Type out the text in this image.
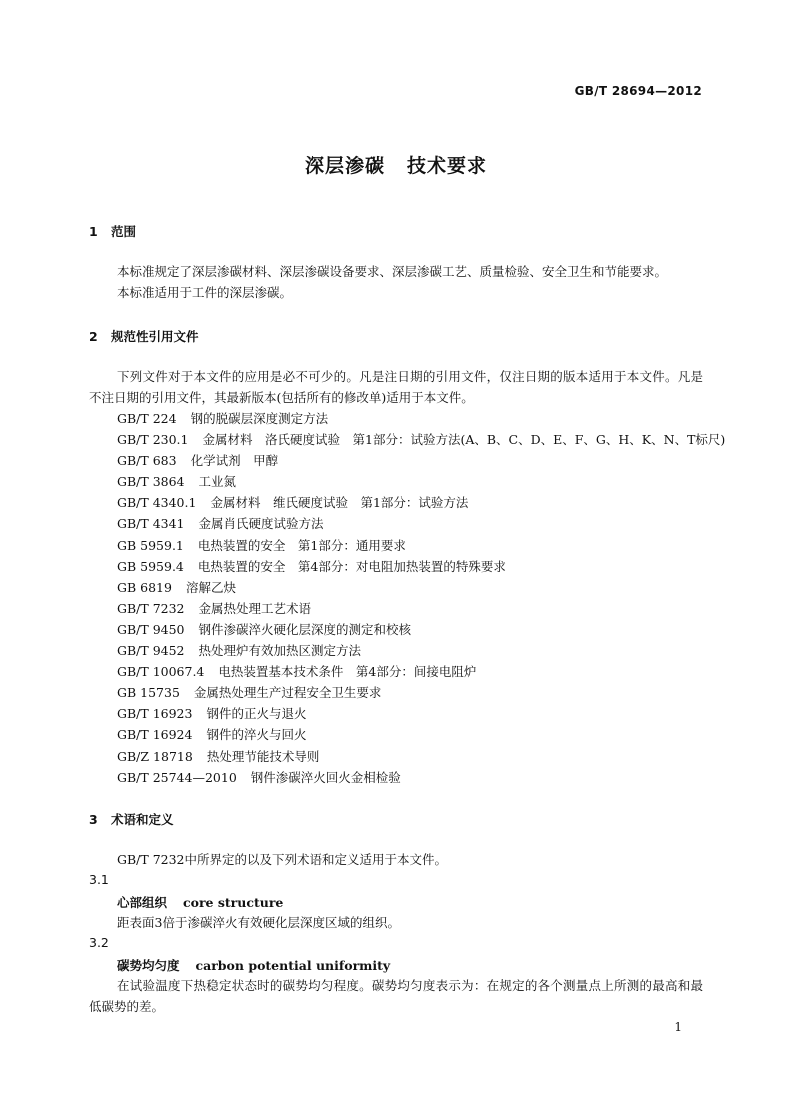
GB/T 28694—2012
深层渗碳 技术要求
1 范围
本标准规定了深层渗碳材料、深层渗碳设备要求、深层渗碳工艺、质量检验、安全卫生和节能要求。
本标准适用于工件的深层渗碳。
2 规范性引用文件
下列文件对于本文件的应用是必不可少的。凡是注日期的引用文件，仅注日期的版本适用于本文件。凡是不注日期的引用文件，其最新版本(包括所有的修改单)适用于本文件。
GB/T 224 钢的脱碳层深度测定方法
GB/T 230.1 金属材料　洛氏硬度试验　第1部分：试验方法(A、B、C、D、E、F、G、H、K、N、T标尺)
GB/T 683 化学试剂　甲醇
GB/T 3864 工业氮
GB/T 4340.1 金属材料　维氏硬度试验　第1部分：试验方法
GB/T 4341 金属肖氏硬度试验方法
GB 5959.1 电热装置的安全　第1部分：通用要求
GB 5959.4 电热装置的安全　第4部分：对电阻加热装置的特殊要求
GB 6819 溶解乙炔
GB/T 7232 金属热处理工艺术语
GB/T 9450 钢件渗碳淬火硬化层深度的测定和校核
GB/T 9452 热处理炉有效加热区测定方法
GB/T 10067.4 电热装置基本技术条件　第4部分：间接电阻炉
GB 15735 金属热处理生产过程安全卫生要求
GB/T 16923 钢件的正火与退火
GB/T 16924 钢件的淬火与回火
GB/Z 18718 热处理节能技术导则
GB/T 25744—2010 钢件渗碳淬火回火金相检验
3 术语和定义
GB/T 7232中所界定的以及下列术语和定义适用于本文件。
3.1
心部组织 core structure
距表面3倍于渗碳淬火有效硬化层深度区域的组织。
3.2
碳势均匀度 carbon potential uniformity
在试验温度下热稳定状态时的碳势均匀程度。碳势均匀度表示为：在规定的各个测量点上所测的最高和最低碳势的差。
1
